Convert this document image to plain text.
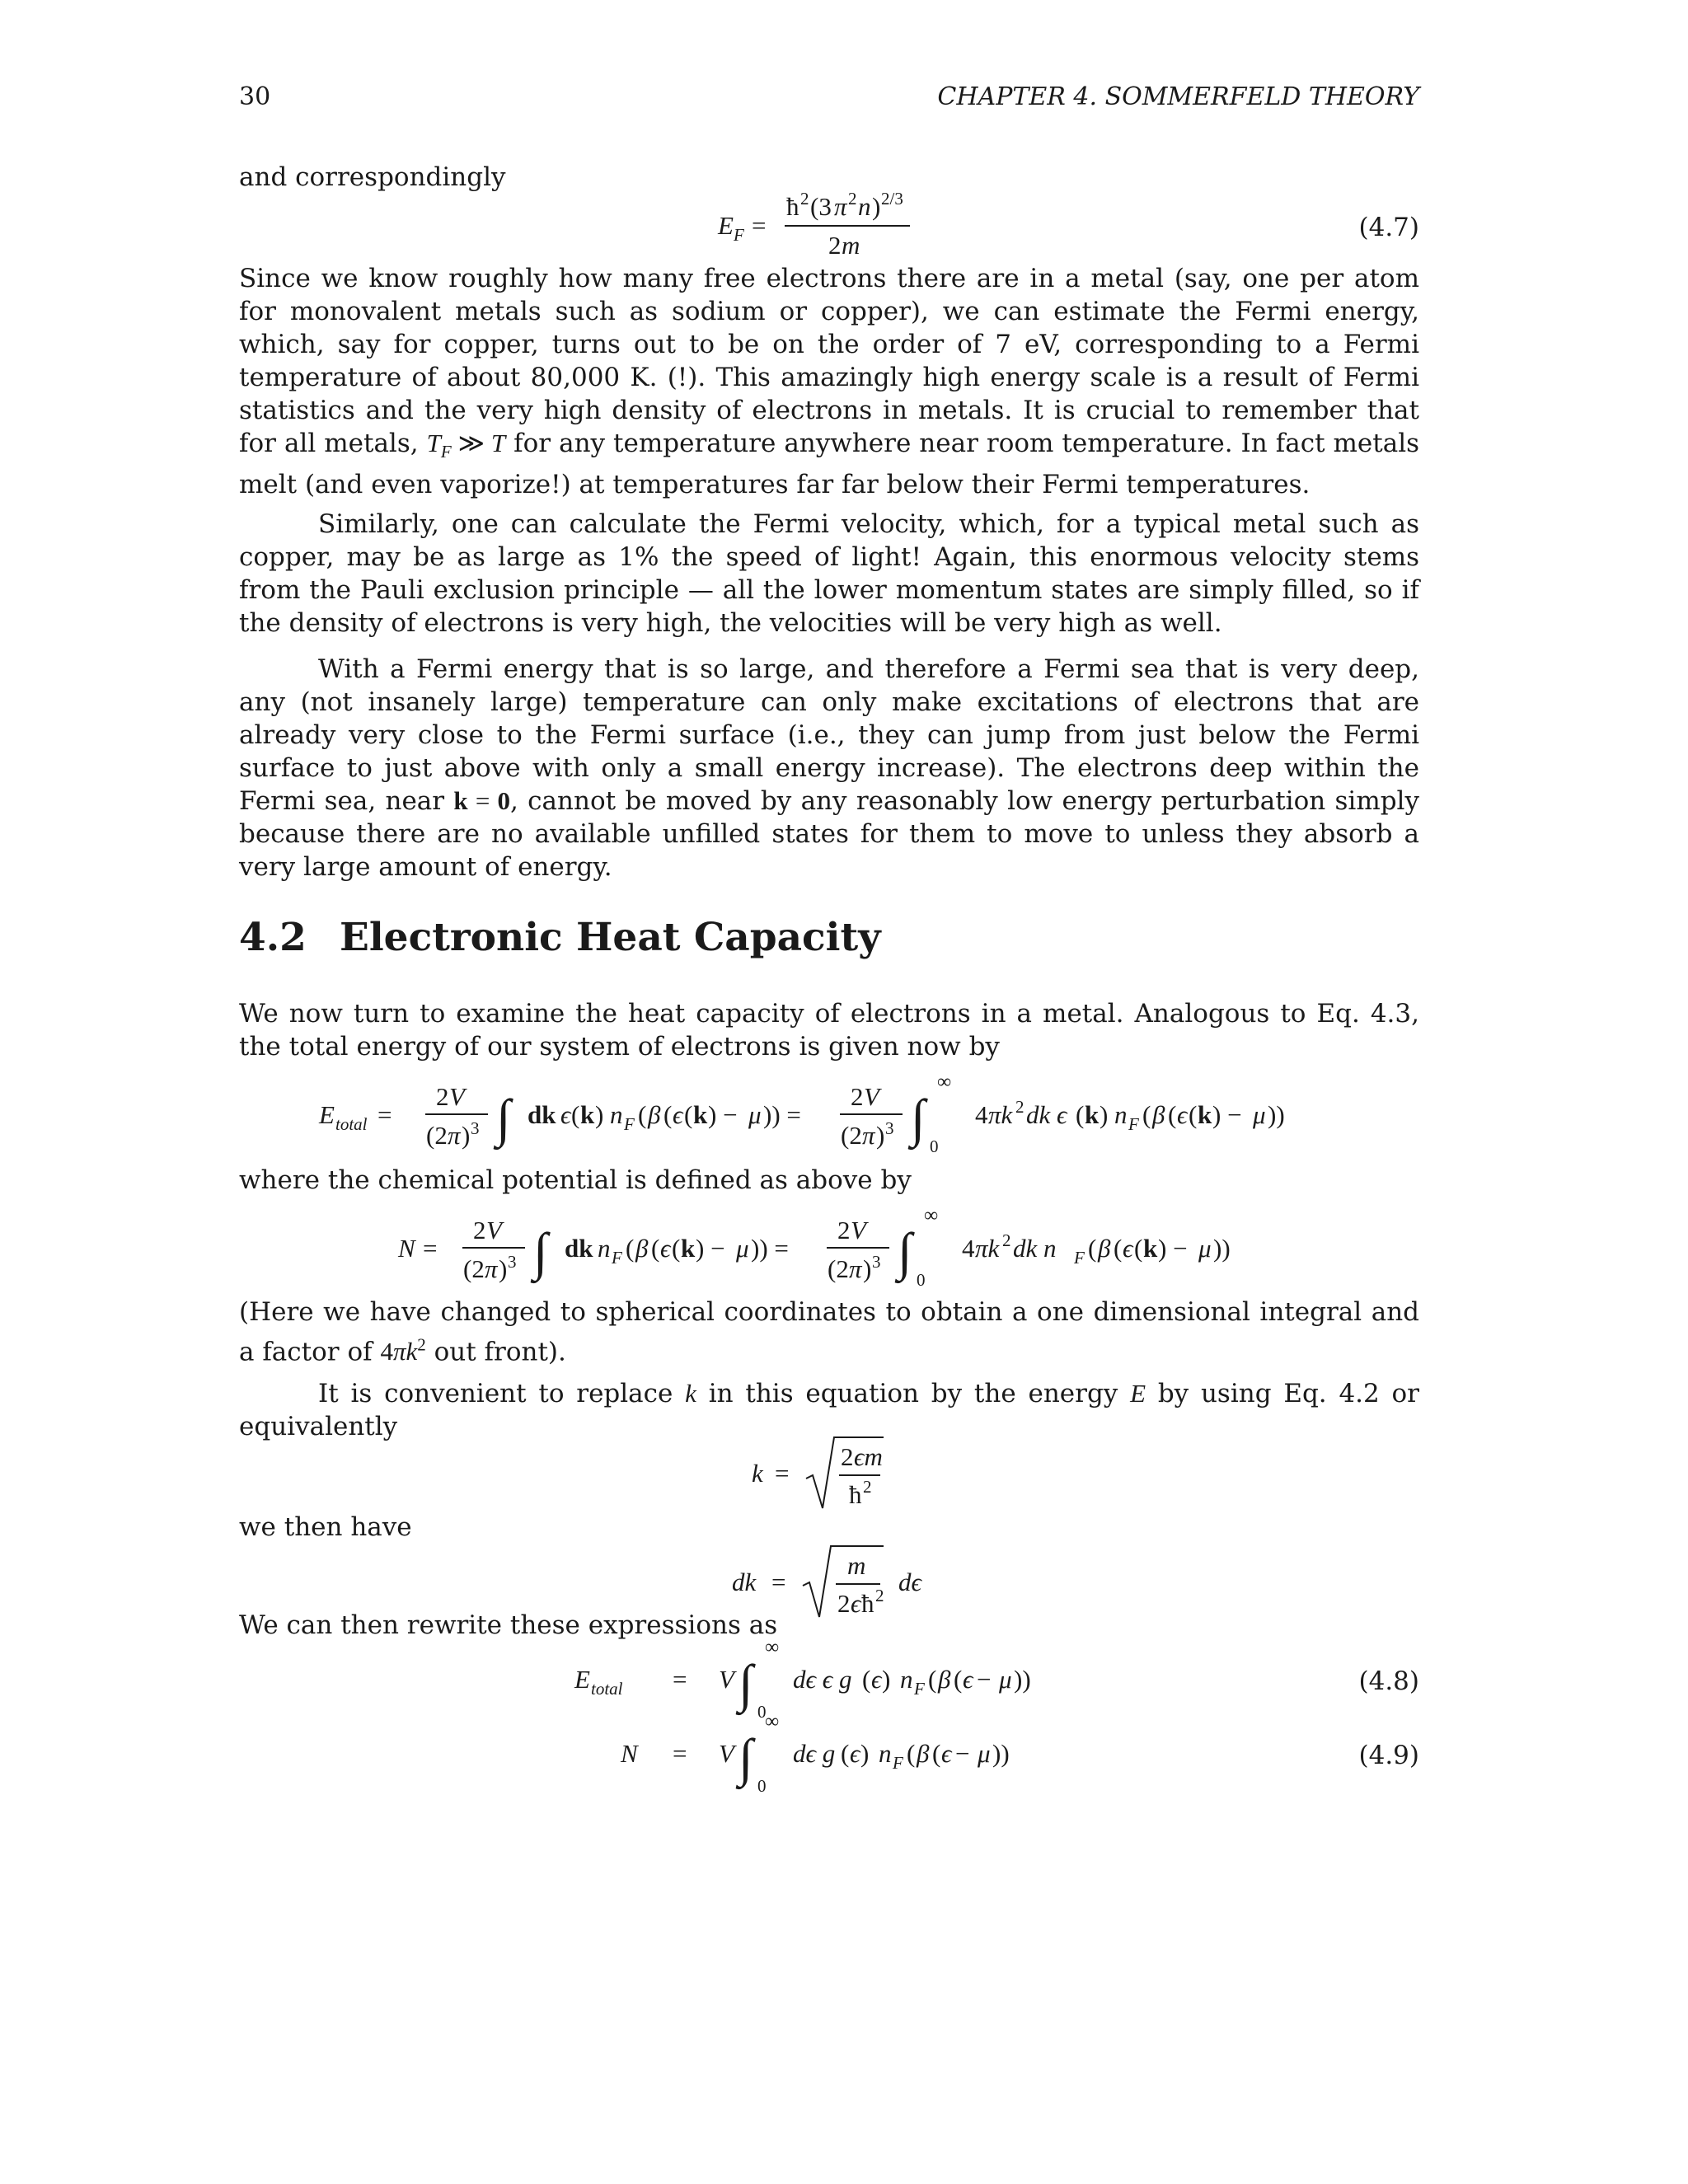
30	CHAPTER 4. SOMMERFELD THEORY
and correspondingly
E F =
ħ 2 (3 π 2 n ) 2/3
2 m
(4.7)
Since we know roughly how many free electrons there are in a metal (say, one per atom for monovalent metals such as sodium or copper), we can estimate the Fermi energy, which, say for copper, turns out to be on the order of 7 eV, corresponding to a Fermi temperature of about 80,000 K. (!). This amazingly high energy scale is a result of Fermi statistics and the very high density of electrons in metals. It is crucial to remember that for all metals, $T_F$ ≫ T for any temperature anywhere near room temperature. In fact metals melt (and even vaporize!) at temperatures far far below their Fermi temperatures.
Similarly, one can calculate the Fermi velocity, which, for a typical metal such as copper, may be as large as 1% the speed of light! Again, this enormous velocity stems from the Pauli exclusion principle — all the lower momentum states are simply filled, so if the density of electrons is very high, the velocities will be very high as well.
With a Fermi energy that is so large, and therefore a Fermi sea that is very deep, any (not insanely large) temperature can only make excitations of electrons that are already very close to the Fermi surface (i.e., they can jump from just below the Fermi surface to just above with only a small energy increase). The electrons deep within the Fermi sea, near k = 0, cannot be moved by any reasonably low energy perturbation simply because there are no available unfilled states for them to move to unless they absorb a very large amount of energy.
4.2 Electronic Heat Capacity
We now turn to examine the heat capacity of electrons in a metal. Analogous to Eq. 4.3, the total energy of our system of electrons is given now by
E total =
2 V
(2 π ) 3 ∫ dk ϵ ( k ) n F ( β ( ϵ ( k ) − μ )) =
2 V
(2 π ) 3 ∫
∞
0
4 πk 2 dk ϵ ( k ) n F ( β ( ϵ ( k ) − μ ))
where the chemical potential is defined as above by
N =
2 V
(2 π ) 3 ∫ dk n F ( β ( ϵ ( k ) − μ )) =
2 V
(2 π ) 3 ∫
∞
0
4 πk 2 dk n F ( β ( ϵ ( k ) − μ ))
(Here we have changed to spherical coordinates to obtain a one dimensional integral and a factor of $4\pi k^2$ out front).
It is convenient to replace k in this equation by the energy E by using Eq. 4.2 or equivalently
k =
2 ϵm
ħ 2
we then have
dk =
m
2 ϵ ħ 2 dϵ
We can then rewrite these expressions as
E total = V ∫
∞
0
dϵ ϵ g ( ϵ ) n F ( β ( ϵ − μ ))	(4.8)
N = V ∫
∞
0
dϵ g ( ϵ ) n F ( β ( ϵ − μ ))	(4.9)
